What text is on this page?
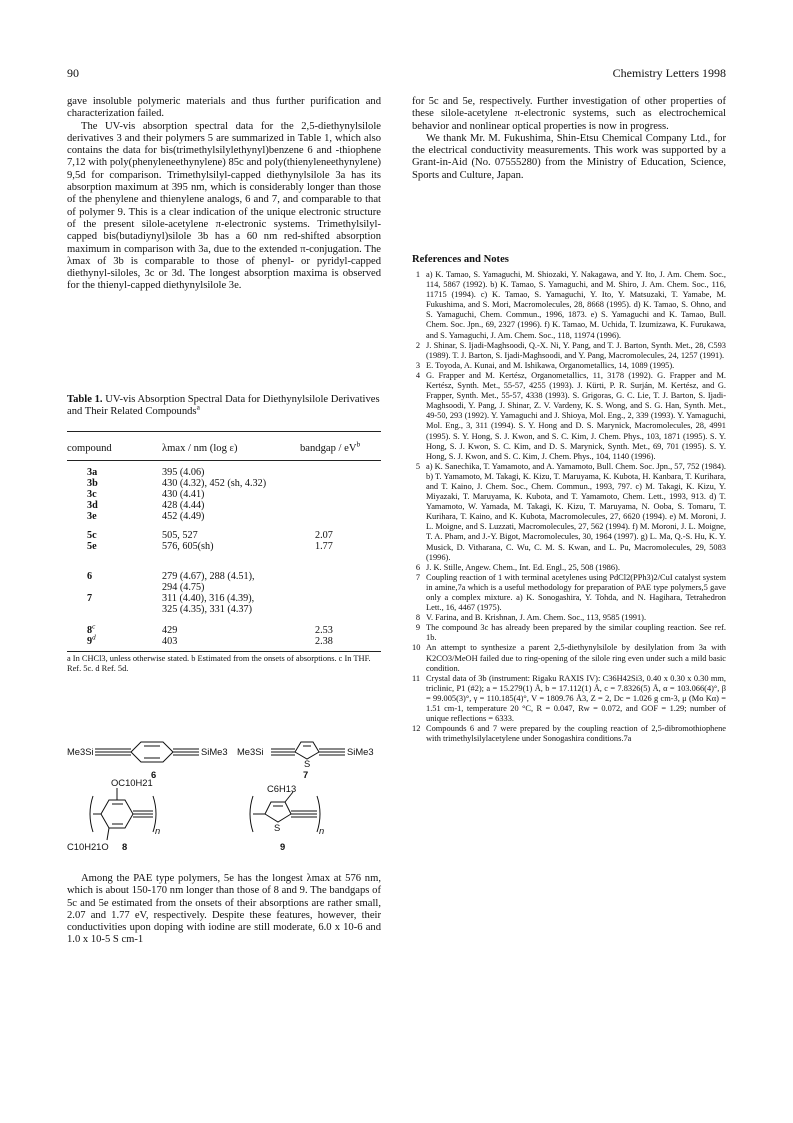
90	Chemistry Letters 1998

gave insoluble polymeric materials and thus further purification and characterization failed.

The UV-vis absorption spectral data for the 2,5-diethynylsilole derivatives 3 and their polymers 5 are summarized in Table 1, which also contains the data for bis(trimethylsilylethynyl)benzene 6 and -thiophene 7,12 with poly(phenyleneethynylene) 85c and poly(thienyleneethynylene) 9,5d for comparison. Trimethylsilyl-capped diethynylsilole 3a has its absorption maximum at 395 nm, which is considerably longer than those of the phenylene and thienylene analogs, 6 and 7, and comparable to that of polymer 9. This is a clear indication of the unique electronic structure of the present silole-acetylene π-electronic systems. Trimethylsilyl-capped bis(butadiynyl)silole 3b has a 60 nm red-shifted absorption maximum in comparison with 3a, due to the extended π-conjugation. The λmax of 3b is comparable to those of phenyl- or pyridyl-capped diethynyl-siloles, 3c or 3d. The longest absorption maxima is observed for the thienyl-capped diethynylsilole 3e.

Table 1. UV-vis Absorption Spectral Data for Diethynylsilole Derivatives and Their Related Compounds$^a$
compound	λmax / nm (log ε)	bandgap / $eV^b$
3a	395 (4.06)
3b	430 (4.32), 452 (sh, 4.32)
3c	430 (4.41)
3d	428 (4.44)
3e	452 (4.49)
5c	505, 527	2.07
5e	576, 605(sh)	1.77
6	279 (4.67), 288 (4.51),
294 (4.75)
7	311 (4.40), 316 (4.39),
325 (4.35), 331 (4.37)
8$^c$	429	2.53
9$^d$	403	2.38
a In CHCl3, unless otherwise stated. b Estimated from the onsets of absorptions. c In THF. Ref. 5c. d Ref. 5d.
Me3Si	SiMe3 Me3Si	SiMe3
S
6	7
OC10H21
C6H13
S
n	n
C10H21O 8	9

Among the PAE type polymers, 5e has the longest λmax at 576 nm, which is about 150-170 nm longer than those of 8 and 9. The bandgaps of 5c and 5e estimated from the onsets of their absorptions are rather small, 2.07 and 1.77 eV, respectively. Despite these features, however, their conductivities upon doping with iodine are still moderate, 6.0 x 10-6 and 1.0 x 10-5 S cm-1

for 5c and 5e, respectively. Further investigation of other properties of these silole-acetylene π-electronic systems, such as electrochemical behavior and nonlinear optical properties is now in progress.

We thank Mr. M. Fukushima, Shin-Etsu Chemical Company Ltd., for the electrical conductivity measurements. This work was supported by a Grant-in-Aid (No. 07555280) from the Ministry of Education, Science, Sports and Culture, Japan.

References and Notes
1 a) K. Tamao, S. Yamaguchi, M. Shiozaki, Y. Nakagawa, and Y. Ito, J. Am. Chem. Soc., 114, 5867 (1992). b) K. Tamao, S. Yamaguchi, and M. Shiro, J. Am. Chem. Soc., 116, 11715 (1994). c) K. Tamao, S. Yamaguchi, Y. Ito, Y. Matsuzaki, T. Yamabe, M. Fukushima, and S. Mori, Macromolecules, 28, 8668 (1995). d) K. Tamao, S. Ohno, and S. Yamaguchi, Chem. Commun., 1996, 1873. e) S. Yamaguchi and K. Tamao, Bull. Chem. Soc. Jpn., 69, 2327 (1996). f) K. Tamao, M. Uchida, T. Izumizawa, K. Furukawa, and S. Yamaguchi, J. Am. Chem. Soc., 118, 11974 (1996).
2 J. Shinar, S. Ijadi-Maghsoodi, Q.-X. Ni, Y. Pang, and T. J. Barton, Synth. Met., 28, C593 (1989). T. J. Barton, S. Ijadi-Maghsoodi, and Y. Pang, Macromolecules, 24, 1257 (1991).
3 E. Toyoda, A. Kunai, and M. Ishikawa, Organometallics, 14, 1089 (1995).
4 G. Frapper and M. Kertész, Organometallics, 11, 3178 (1992). G. Frapper and M. Kertész, Synth. Met., 55-57, 4255 (1993). J. Kürti, P. R. Surján, M. Kertész, and G. Frapper, Synth. Met., 55-57, 4338 (1993). S. Grigoras, G. C. Lie, T. J. Barton, S. Ijadi-Maghsoodi, Y. Pang, J. Shinar, Z. V. Vardeny, K. S. Wong, and S. G. Han, Synth. Met., 49-50, 293 (1992). Y. Yamaguchi and J. Shioya, Mol. Eng., 2, 339 (1993). Y. Yamaguchi, Mol. Eng., 3, 311 (1994). S. Y. Hong and D. S. Marynick, Macromolecules, 28, 4991 (1995). S. Y. Hong, S. J. Kwon, and S. C. Kim, J. Chem. Phys., 103, 1871 (1995). S. Y. Hong, S. J. Kwon, S. C. Kim, and D. S. Marynick, Synth. Met., 69, 701 (1995). S. Y. Hong, S. J. Kwon, and S. C. Kim, J. Chem. Phys., 104, 1140 (1996).
5 a) K. Sanechika, T. Yamamoto, and A. Yamamoto, Bull. Chem. Soc. Jpn., 57, 752 (1984). b) T. Yamamoto, M. Takagi, K. Kizu, T. Maruyama, K. Kubota, H. Kanbara, T. Kurihara, and T. Kaino, J. Chem. Soc., Chem. Commun., 1993, 797. c) M. Takagi, K. Kizu, Y. Miyazaki, T. Maruyama, K. Kubota, and T. Yamamoto, Chem. Lett., 1993, 913. d) T. Yamamoto, W. Yamada, M. Takagi, K. Kizu, T. Maruyama, N. Ooba, S. Tomaru, T. Kurihara, T. Kaino, and K. Kubota, Macromolecules, 27, 6620 (1994). e) M. Moroni, J. L. Moigne, and S. Luzzati, Macromolecules, 27, 562 (1994). f) M. Moroni, J. L. Moigne, T. A. Pham, and J.-Y. Bigot, Macromolecules, 30, 1964 (1997). g) L. Ma, Q.-S. Hu, K. Y. Musick, D. Vitharana, C. Wu, C. M. S. Kwan, and L. Pu, Macromolecules, 29, 5083 (1996).
6 J. K. Stille, Angew. Chem., Int. Ed. Engl., 25, 508 (1986).
7 Coupling reaction of 1 with terminal acetylenes using PdCl2(PPh3)2/CuI catalyst system in amine,7a which is a useful methodology for preparation of PAE type polymers,5 gave only a complex mixture. a) K. Sonogashira, Y. Tohda, and N. Hagihara, Tetrahedron Lett., 16, 4467 (1975).
8 V. Farina, and B. Krishnan, J. Am. Chem. Soc., 113, 9585 (1991).
9 The compound 3c has already been prepared by the similar coupling reaction. See ref. 1b.
10 An attempt to synthesize a parent 2,5-diethynylsilole by desilylation from 3a with K2CO3/MeOH failed due to ring-opening of the silole ring even under such a mild basic condition.
11 Crystal data of 3b (instrument: Rigaku RAXIS IV): C36H42Si3, 0.40 x 0.30 x 0.30 mm, triclinic, P1 (#2); a = 15.279(1) Å, b = 17.112(1) Å, c = 7.8326(5) Å, α = 103.066(4)°, β = 99.005(3)°, γ = 110.185(4)°, V = 1809.76 Å3, Z = 2, Dc = 1.026 g cm-3, μ (Mo Kα) = 1.51 cm-1, temperature 20 °C, R = 0.047, Rw = 0.072, and GOF = 1.29; number of unique reflections = 6333.
12 Compounds 6 and 7 were prepared by the coupling reaction of 2,5-dibromothiophene with trimethylsilylacetylene under Sonogashira conditions.7a
